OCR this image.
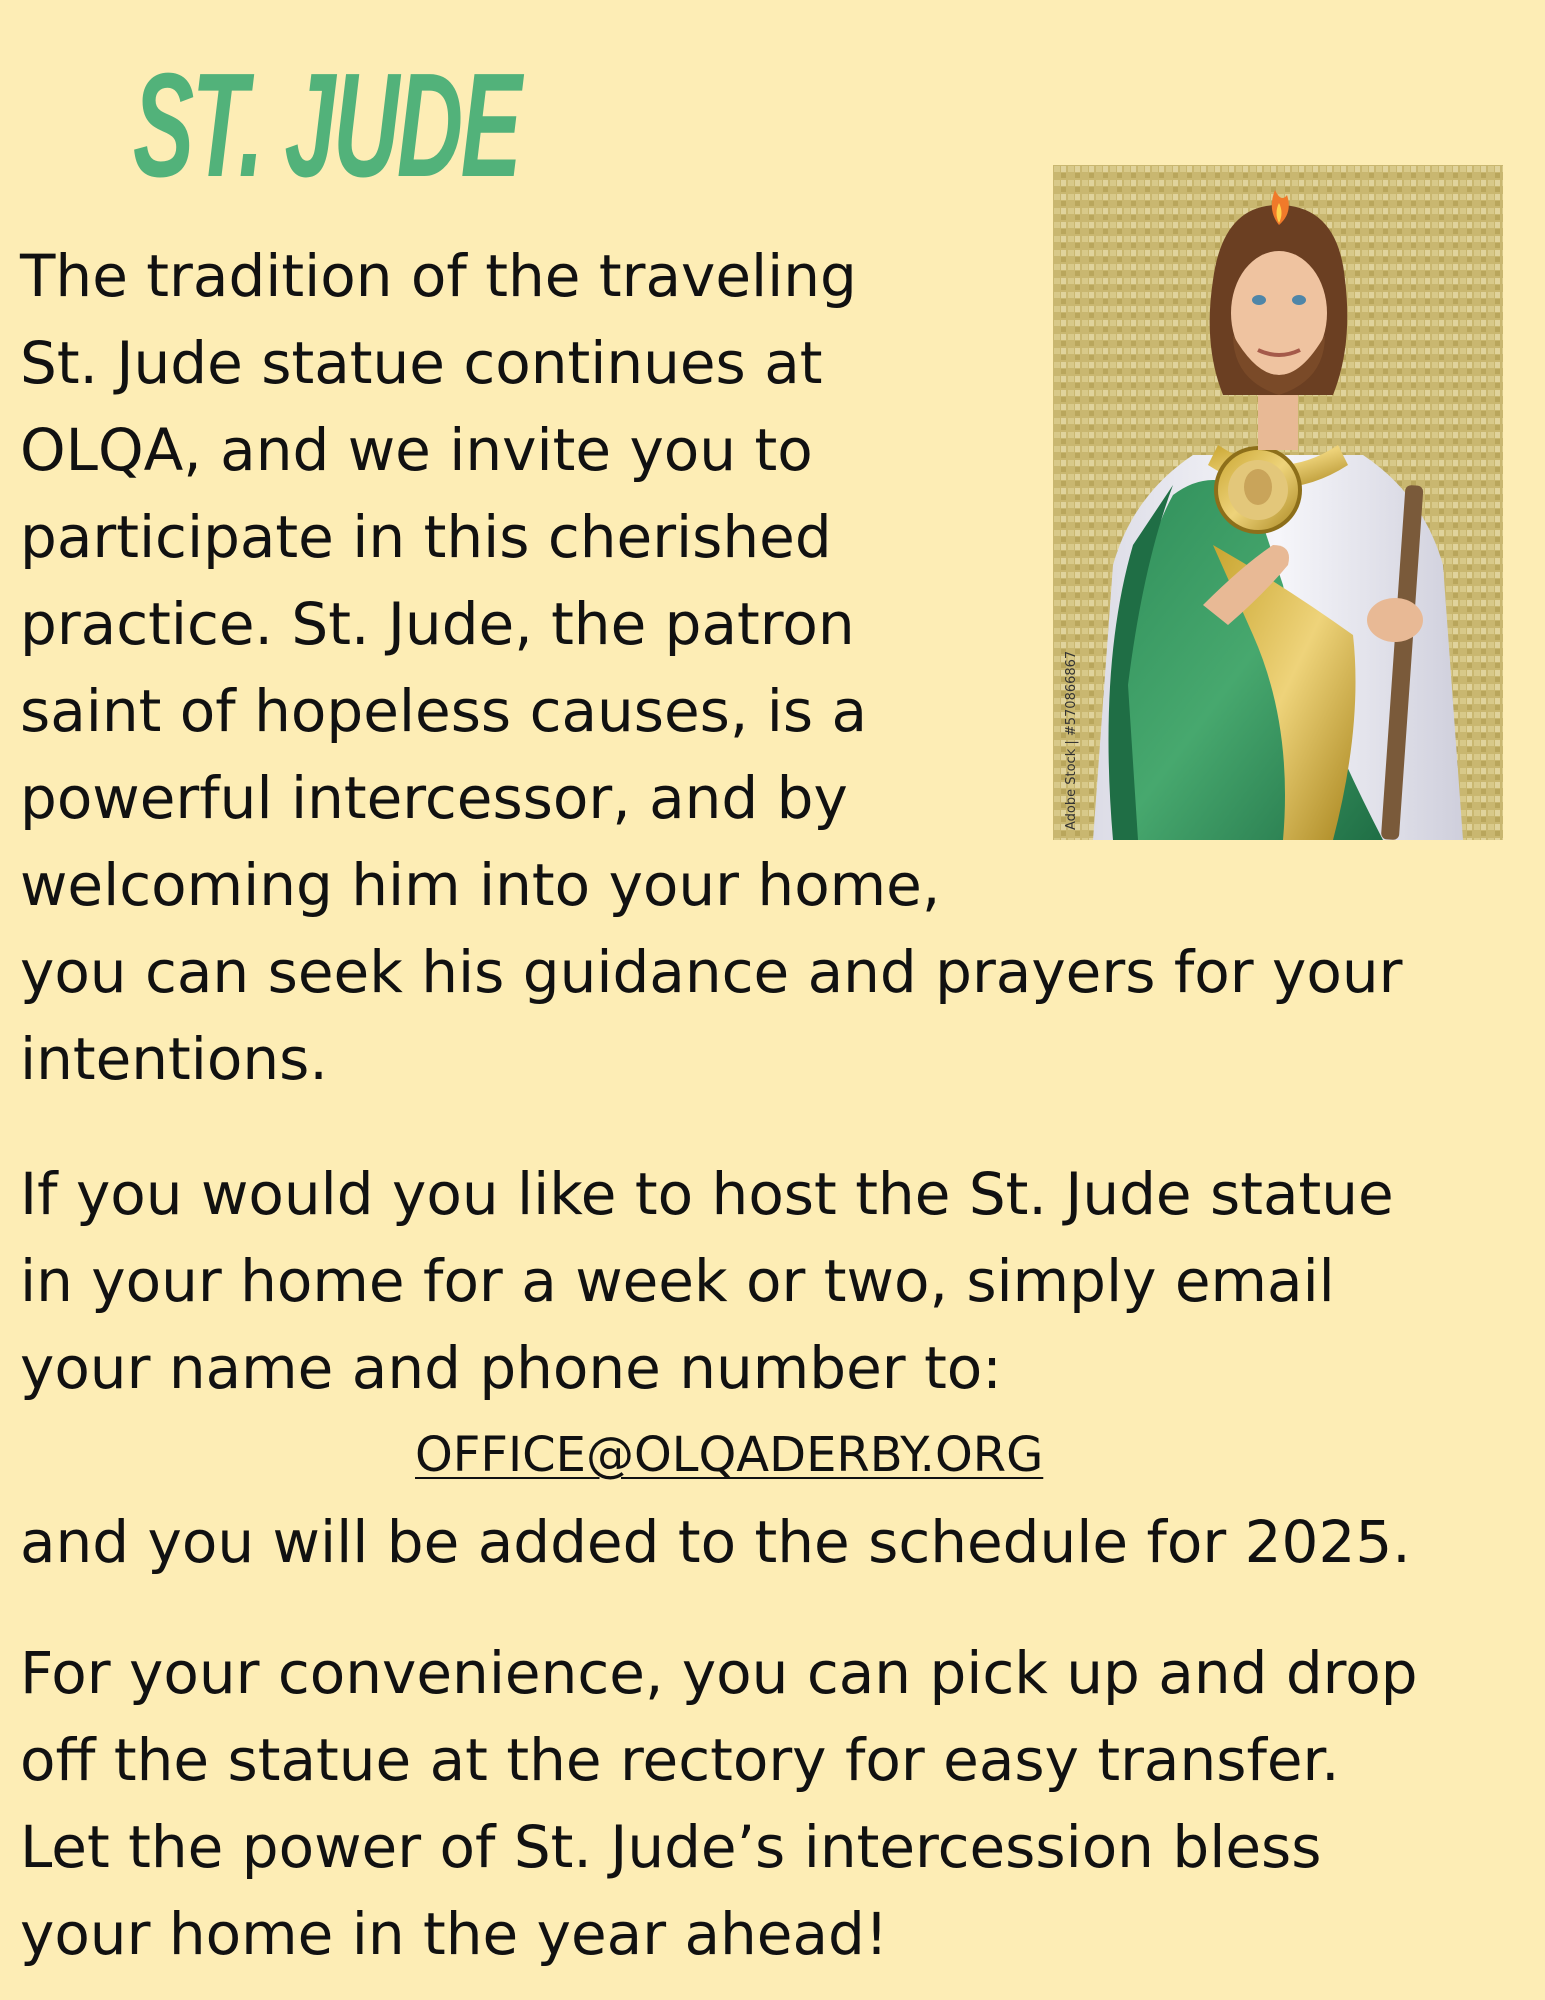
ST. JUDE
Adobe Stock | #570866867
The tradition of the traveling
St. Jude statue continues at
OLQA, and we invite you to
participate in this cherished
practice. St. Jude, the patron
saint of hopeless causes, is a
powerful intercessor, and by
welcoming him into your home,
you can seek his guidance and prayers for your
intentions.
If you would you like to host the St. Jude statue
in your home for a week or two, simply email
your name and phone number to:
OFFICE@OLQADERBY.ORG
and you will be added to the schedule for 2025.
For your convenience, you can pick up and drop
off the statue at the rectory for easy transfer.
Let the power of St. Jude’s intercession bless
your home in the year ahead!
